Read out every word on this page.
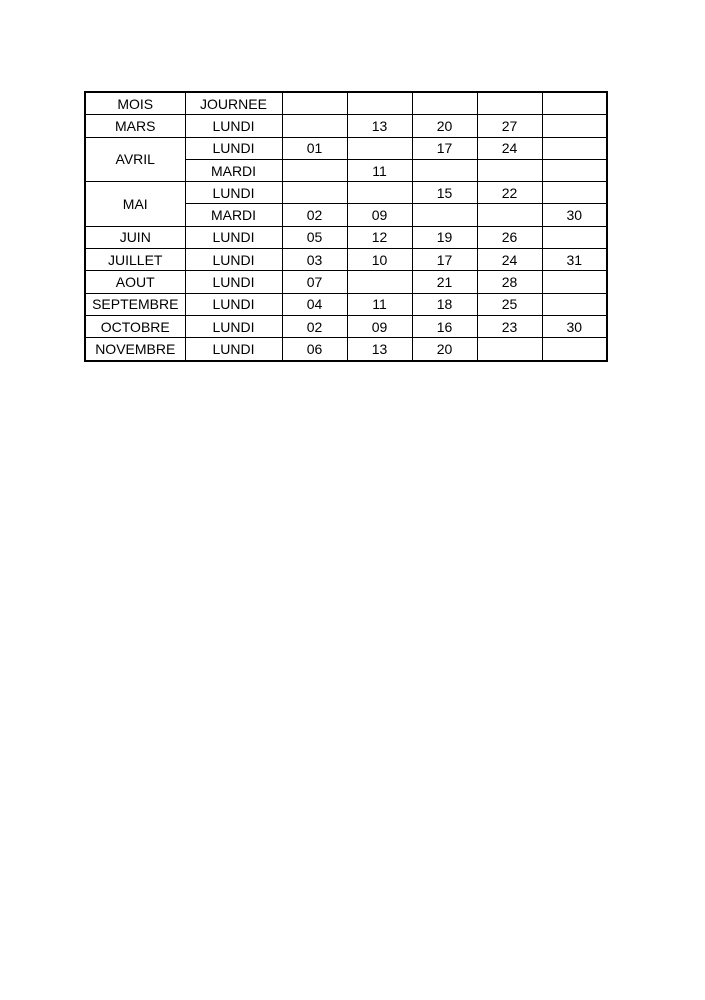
MOIS	JOURNEE					
MARS	LUNDI		13	20	27	
AVRIL	LUNDI	01		17	24	
	MARDI		11			
MAI	LUNDI			15	22	
	MARDI	02	09			30
JUIN	LUNDI	05	12	19	26	
JUILLET	LUNDI	03	10	17	24	31
AOUT	LUNDI	07		21	28	
SEPTEMBRE	LUNDI	04	11	18	25	
OCTOBRE	LUNDI	02	09	16	23	30
NOVEMBRE	LUNDI	06	13	20		
